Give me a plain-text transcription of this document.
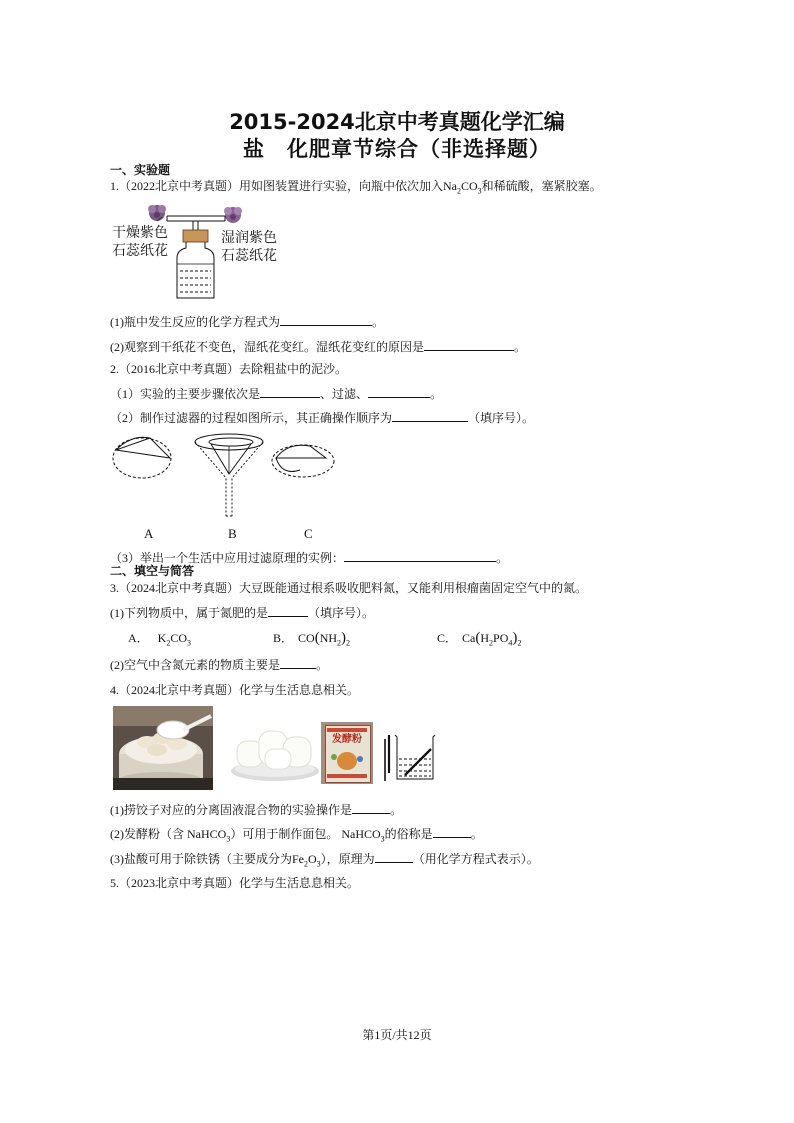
2015-2024北京中考真题化学汇编
盐　化肥章节综合（非选择题）
一、实验题
1.（2022北京中考真题）用如图装置进行实验，向瓶中依次加入$Na_2CO_3$和稀硫酸，塞紧胶塞。
干燥紫色
石蕊纸花
湿润紫色
石蕊纸花
(1)瓶中发生反应的化学方程式为	。
(2)观察到干纸花不变色，湿纸花变红。湿纸花变红的原因是	。
2.（2016北京中考真题）去除粗盐中的泥沙。
（1）实验的主要步骤依次是	、过滤、	。
（2）制作过滤器的过程如图所示，其正确操作顺序为	（填序号）。
A	B	C
（3）举出一个生活中应用过滤原理的实例：	。
二、填空与简答
3.（2024北京中考真题）大豆既能通过根系吸收肥料氮，又能利用根瘤菌固定空气中的氮。
(1)下列物质中，属于氮肥的是	（填序号）。
A． $K_2CO_3$	B． $CO(NH_2)_2$	C． $Ca(H_2PO_4)_2$
(2)空气中含氮元素的物质主要是	。
4.（2024北京中考真题）化学与生活息息相关。
发酵粉
(1)捞饺子对应的分离固液混合物的实验操作是	。
(2)发酵粉（含 NaHCO$_3$）可用于制作面包。 NaHCO$_3$的俗称是	。
(3)盐酸可用于除铁锈（主要成分为$Fe_2O_3$），原理为	（用化学方程式表示）。
5.（2023北京中考真题）化学与生活息息相关。
第1页/共12页
